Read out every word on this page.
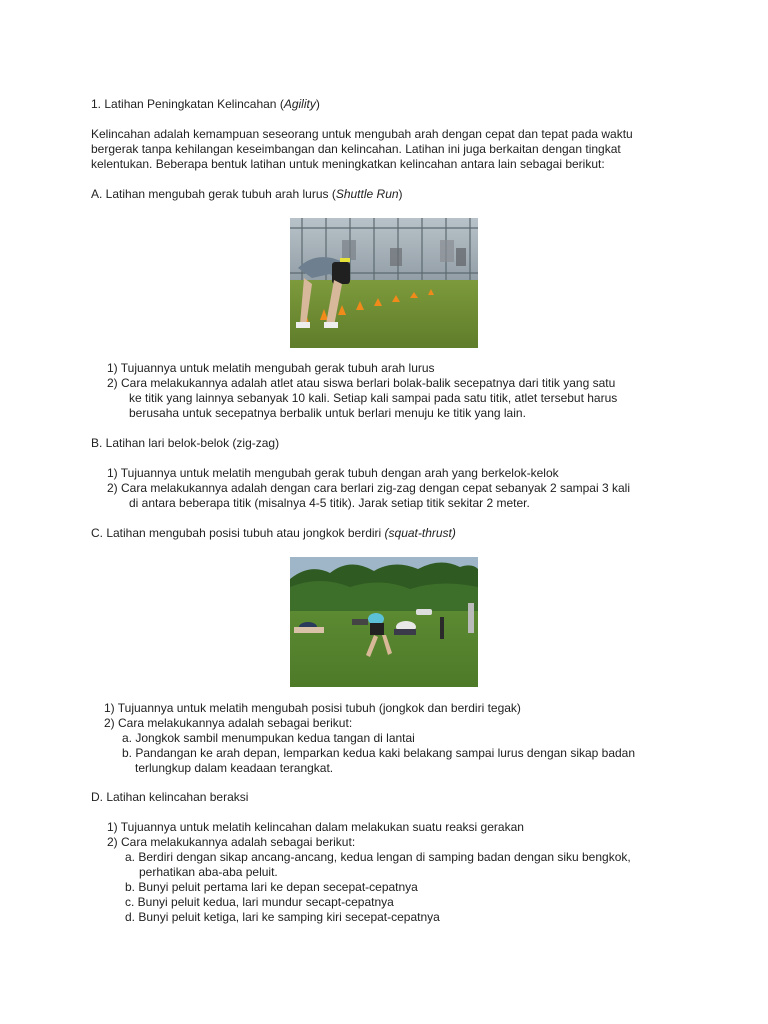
1. Latihan Peningkatan Kelincahan (Agility)
Kelincahan adalah kemampuan seseorang untuk mengubah arah dengan cepat dan tepat pada waktu
bergerak tanpa kehilangan keseimbangan dan kelincahan. Latihan ini juga berkaitan dengan tingkat
kelentukan. Beberapa bentuk latihan untuk meningkatkan kelincahan antara lain sebagai berikut:
A. Latihan mengubah gerak tubuh arah lurus (Shuttle Run)
1) Tujuannya untuk melatih mengubah gerak tubuh arah lurus
2) Cara melakukannya adalah atlet atau siswa berlari bolak-balik secepatnya dari titik yang satu
ke titik yang lainnya sebanyak 10 kali. Setiap kali sampai pada satu titik, atlet tersebut harus
berusaha untuk secepatnya berbalik untuk berlari menuju ke titik yang lain.
B. Latihan lari belok-belok (zig-zag)
1) Tujuannya untuk melatih mengubah gerak tubuh dengan arah yang berkelok-kelok
2) Cara melakukannya adalah dengan cara berlari zig-zag dengan cepat sebanyak 2 sampai 3 kali
di antara beberapa titik (misalnya 4-5 titik). Jarak setiap titik sekitar 2 meter.
C. Latihan mengubah posisi tubuh atau jongkok berdiri (squat-thrust)
1) Tujuannya untuk melatih mengubah posisi tubuh (jongkok dan berdiri tegak)
2) Cara melakukannya adalah sebagai berikut:
a. Jongkok sambil menumpukan kedua tangan di lantai
b. Pandangan ke arah depan, lemparkan kedua kaki belakang sampai lurus dengan sikap badan
terlungkup dalam keadaan terangkat.
D. Latihan kelincahan beraksi
1) Tujuannya untuk melatih kelincahan dalam melakukan suatu reaksi gerakan
2) Cara melakukannya adalah sebagai berikut:
a. Berdiri dengan sikap ancang-ancang, kedua lengan di samping badan dengan siku bengkok,
perhatikan aba-aba peluit.
b. Bunyi peluit pertama lari ke depan secepat-cepatnya
c. Bunyi peluit kedua, lari mundur secapt-cepatnya
d. Bunyi peluit ketiga, lari ke samping kiri secepat-cepatnya
